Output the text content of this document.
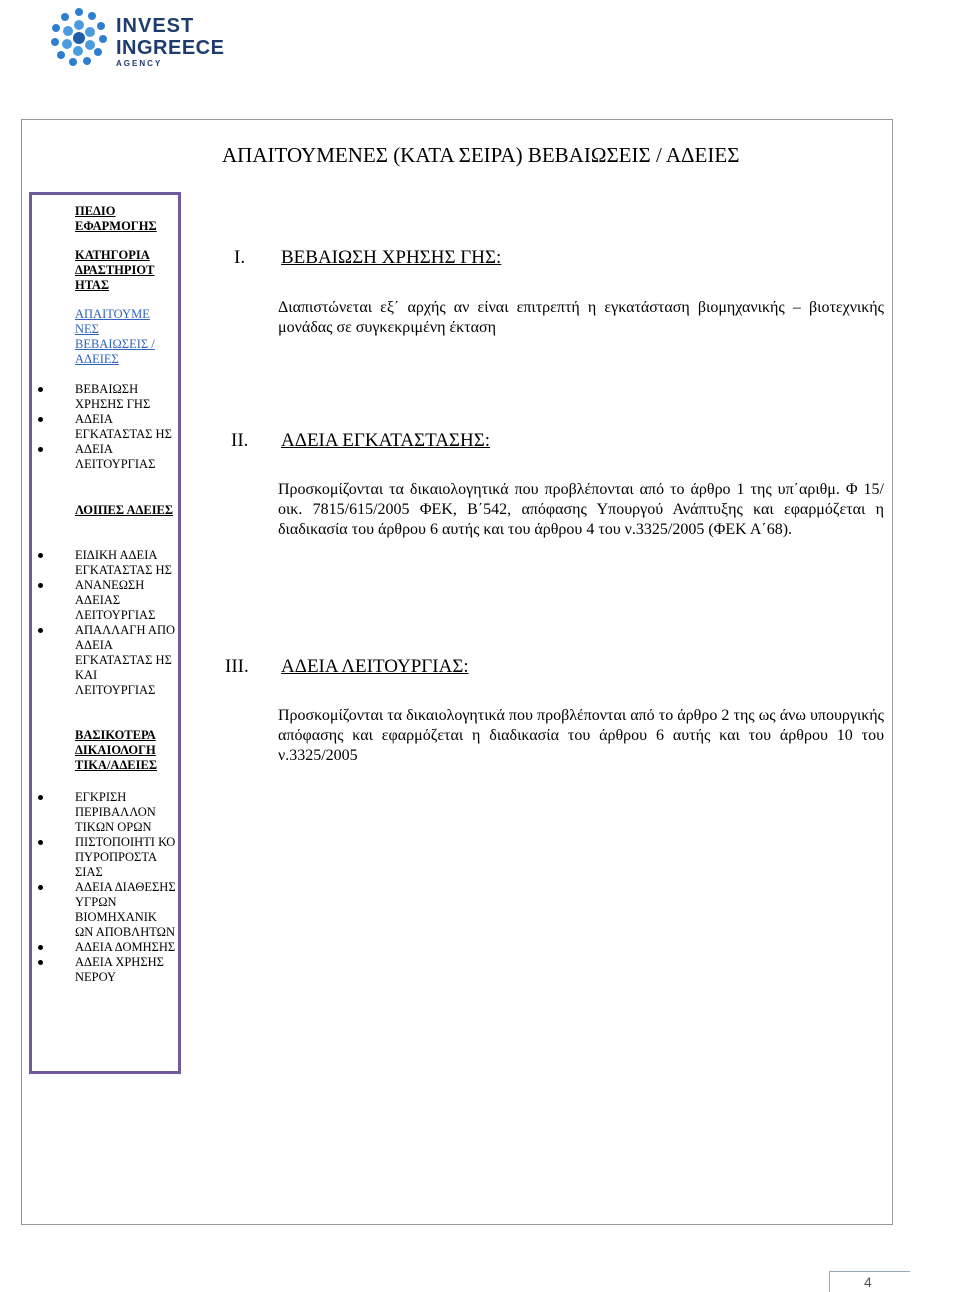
INVEST
INGREECE
AGENCY
ΑΠΑΙΤΟΥΜΕΝΕΣ (ΚΑΤΑ ΣΕΙΡΑ) ΒΕΒΑΙΩΣΕΙΣ / ΑΔΕΙΕΣ
ΠΕΔΙΟ ΕΦΑΡΜΟΓΗΣ
ΚΑΤΗΓΟΡΙΑ ΔΡΑΣΤΗΡΙΟΤ ΗΤΑΣ
ΑΠΑΙΤΟΥΜΕ ΝΕΣ ΒΕΒΑΙΩΣΕΙΣ /ΑΔΕΙΕΣ
ΒΕΒΑΙΩΣΗ ΧΡΗΣΗΣ ΓΗΣ
ΑΔΕΙΑ ΕΓΚΑΤΑΣΤΑΣ ΗΣ
ΑΔΕΙΑ ΛΕΙΤΟΥΡΓΙΑΣ
ΛΟΙΠΕΣ ΑΔΕΙΕΣ
ΕΙΔΙΚΗ ΑΔΕΙΑ ΕΓΚΑΤΑΣΤΑΣ ΗΣ
ΑΝΑΝΕΩΣΗ ΑΔΕΙΑΣ ΛΕΙΤΟΥΡΓΙΑΣ
ΑΠΑΛΛΑΓΗ ΑΠΟ ΑΔΕΙΑ ΕΓΚΑΤΑΣΤΑΣ ΗΣ ΚΑΙ ΛΕΙΤΟΥΡΓΙΑΣ
ΒΑΣΙΚΟΤΕΡΑ ΔΙΚΑΙΟΛΟΓΗ ΤΙΚΑ/ΑΔΕΙΕΣ
ΕΓΚΡΙΣΗ ΠΕΡΙΒΑΛΛΟΝ ΤΙΚΩΝ ΟΡΩΝ
ΠΙΣΤΟΠΟΙΗΤΙ ΚΟ ΠΥΡΟΠΡΟΣΤΑ ΣΙΑΣ
ΑΔΕΙΑ ΔΙΑΘΕΣΗΣ ΥΓΡΩΝ ΒΙΟΜΗΧΑΝΙΚ ΩΝ ΑΠΟΒΛΗΤΩΝ
ΑΔΕΙΑ ΔΟΜΗΣΗΣ
ΑΔΕΙΑ ΧΡΗΣΗΣ ΝΕΡΟΥ
I. ΒΕΒΑΙΩΣΗ ΧΡΗΣΗΣ ΓΗΣ:
Διαπιστώνεται εξ΄ αρχής αν είναι επιτρεπτή η εγκατάσταση βιομηχανικής – βιοτεχνικής μονάδας σε συγκεκριμένη έκταση
II. ΑΔΕΙΑ ΕΓΚΑΤΑΣΤΑΣΗΣ:
Προσκομίζονται τα δικαιολογητικά που προβλέπονται από το άρθρο 1 της υπ΄αριθμ. Φ 15/ οικ. 7815/615/2005 ΦΕΚ, Β΄542, απόφασης Υπουργού Ανάπτυξης και εφαρμόζεται η διαδικασία του άρθρου 6 αυτής και του άρθρου 4 του ν.3325/2005 (ΦΕΚ Α΄68).
III. ΑΔΕΙΑ ΛΕΙΤΟΥΡΓΙΑΣ:
Προσκομίζονται τα δικαιολογητικά που προβλέπονται από το άρθρο 2 της ως άνω υπουργικής απόφασης και εφαρμόζεται η διαδικασία του άρθρου 6 αυτής και του άρθρου 10 του ν.3325/2005
4
